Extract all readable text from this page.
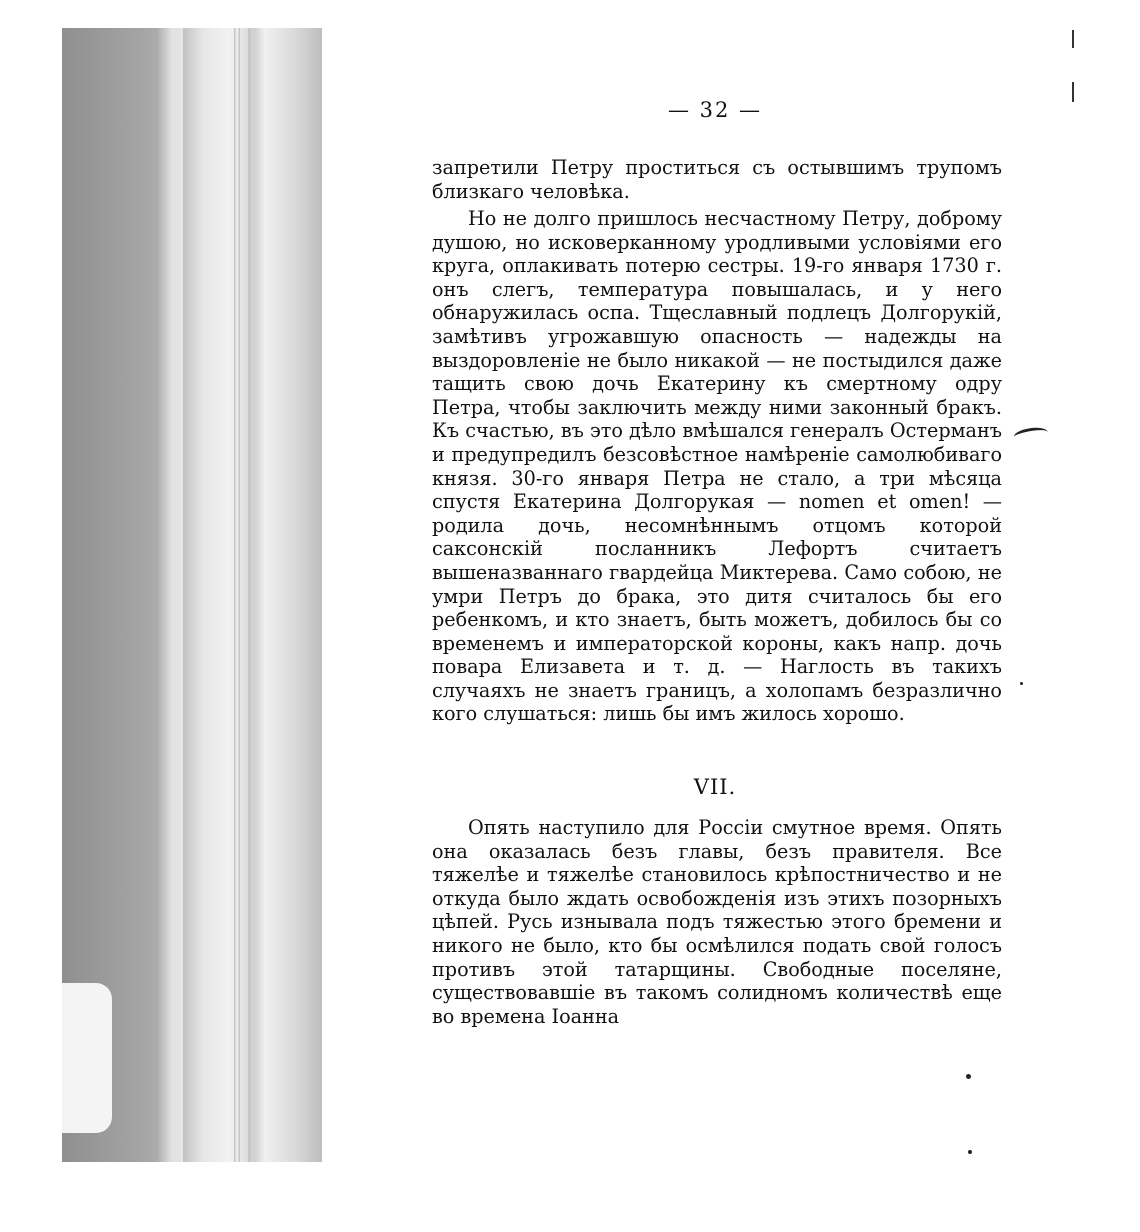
— 32 —
запретили Петру проститься съ остывшимъ трупомъ близкаго человѣка.
Но не долго пришлось несчастному Петру, доброму душою, но исковерканному уродливыми условіями его круга, оплакивать потерю сестры. 19-го января 1730 г. онъ слегъ, температура повышалась, и у него обнаружилась оспа. Тщеславный подлецъ Долгорукій, замѣтивъ угрожавшую опасность — надежды на выздоровленіе не было никакой — не постыдился даже тащить свою дочь Екатерину къ смертному одру Петра, чтобы заключить между ними законный бракъ. Къ счастью, въ это дѣло вмѣшался генералъ Остерманъ и предупредилъ безсовѣстное намѣреніе самолюбиваго князя. 30-го января Петра не стало, а три мѣсяца спустя Екатерина Долгорукая — nomen et omen! — родила дочь, несомнѣннымъ отцомъ которой саксонскій посланникъ Лефортъ считаетъ вышеназваннаго гвардейца Миктерева. Само собою, не умри Петръ до брака, это дитя считалось бы его ребенкомъ, и кто знаетъ, быть можетъ, добилось бы со временемъ и императорской короны, какъ напр. дочь повара Елизавета и т. д. — Наглость въ такихъ случаяхъ не знаетъ границъ, а холопамъ безразлично кого слушаться: лишь бы имъ жилось хорошо.
VII.
Опять наступило для Россіи смутное время. Опять она оказалась безъ главы, безъ правителя. Все тяжелѣе и тяжелѣе становилось крѣпостничество и не откуда было ждать освобожденія изъ этихъ позорныхъ цѣпей. Русь изнывала подъ тяжестью этого бремени и никого не было, кто бы осмѣлился подать свой голосъ противъ этой татарщины. Свободные поселяне, существовавшіе въ такомъ солидномъ количествѣ еще во времена Іоанна
